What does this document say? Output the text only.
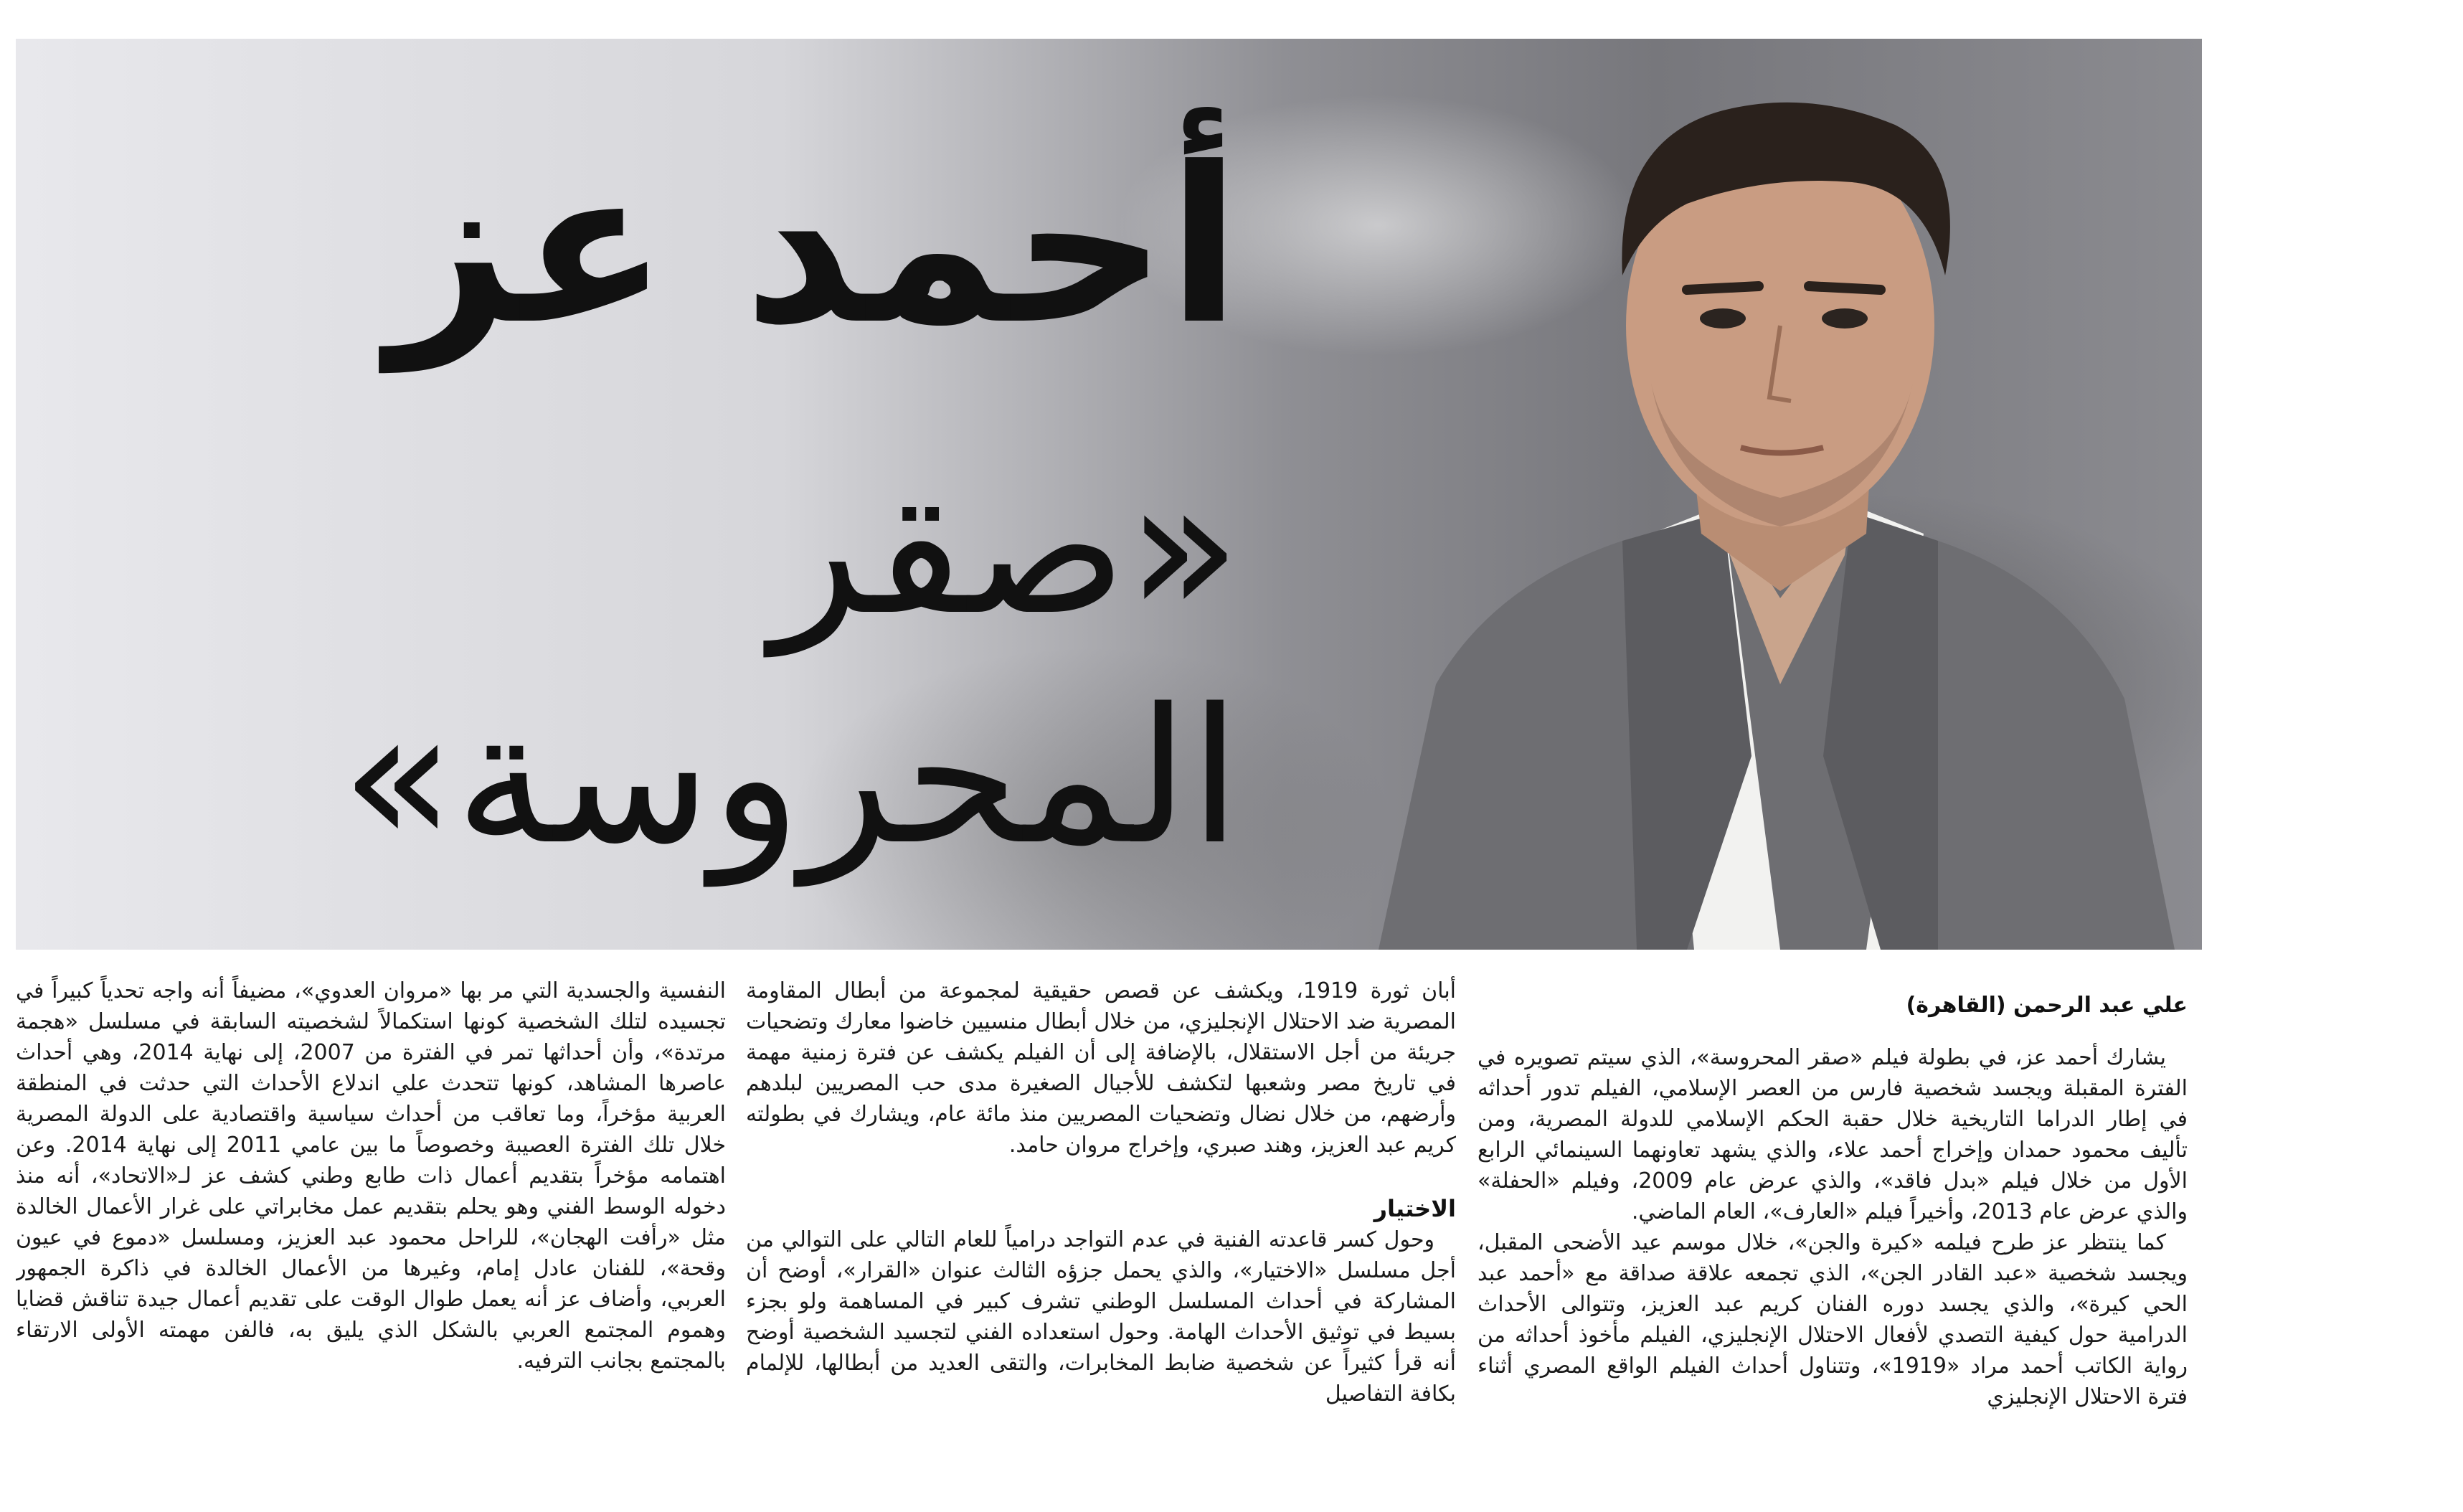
أحمد عز
«صقر
المحروسة»
علي عبد الرحمن (القاهرة)

يشارك أحمد عز، في بطولة فيلم «صقر المحروسة»، الذي سيتم تصويره في الفترة المقبلة ويجسد شخصية فارس من العصر الإسلامي، الفيلم تدور أحداثه في إطار الدراما التاريخية خلال حقبة الحكم الإسلامي للدولة المصرية، ومن تأليف محمود حمدان وإخراج أحمد علاء، والذي يشهد تعاونهما السينمائي الرابع الأول من خلال فيلم «بدل فاقد»، والذي عرض عام 2009، وفيلم «الحفلة» والذي عرض عام 2013، وأخيراً فيلم «العارف»، العام الماضي.

كما ينتظر عز طرح فيلمه «كيرة والجن»، خلال موسم عيد الأضحى المقبل، ويجسد شخصية «عبد القادر الجن»، الذي تجمعه علاقة صداقة مع «أحمد عبد الحي كيرة»، والذي يجسد دوره الفنان كريم عبد العزيز، وتتوالى الأحداث الدرامية حول كيفية التصدي لأفعال الاحتلال الإنجليزي، الفيلم مأخوذ أحداثه من رواية الكاتب أحمد مراد «1919»، وتتناول أحداث الفيلم الواقع المصري أثناء فترة الاحتلال الإنجليزي

أبان ثورة 1919، ويكشف عن قصص حقيقية لمجموعة من أبطال المقاومة المصرية ضد الاحتلال الإنجليزي، من خلال أبطال منسيين خاضوا معارك وتضحيات جريئة من أجل الاستقلال، بالإضافة إلى أن الفيلم يكشف عن فترة زمنية مهمة في تاريخ مصر وشعبها لتكشف للأجيال الصغيرة مدى حب المصريين لبلدهم وأرضهم، من خلال نضال وتضحيات المصريين منذ مائة عام، ويشارك في بطولته كريم عبد العزيز، وهند صبري، وإخراج مروان حامد.

الاختيار

وحول كسر قاعدته الفنية في عدم التواجد درامياً للعام التالي على التوالي من أجل مسلسل «الاختيار»، والذي يحمل جزؤه الثالث عنوان «القرار»، أوضح أن المشاركة في أحداث المسلسل الوطني تشرف كبير في المساهمة ولو بجزء بسيط في توثيق الأحداث الهامة. وحول استعداده الفني لتجسيد الشخصية أوضح أنه قرأ كثيراً عن شخصية ضابط المخابرات، والتقى العديد من أبطالها، للإلمام بكافة التفاصيل

النفسية والجسدية التي مر بها «مروان العدوي»، مضيفاً أنه واجه تحدياً كبيراً في تجسيده لتلك الشخصية كونها استكمالاً لشخصيته السابقة في مسلسل «هجمة مرتدة»، وأن أحداثها تمر في الفترة من 2007، إلى نهاية 2014، وهي أحداث عاصرها المشاهد، كونها تتحدث علي اندلاع الأحداث التي حدثت في المنطقة العربية مؤخراً، وما تعاقب من أحداث سياسية واقتصادية على الدولة المصرية خلال تلك الفترة العصيبة وخصوصاً ما بين عامي 2011 إلى نهاية 2014. وعن اهتمامه مؤخراً بتقديم أعمال ذات طابع وطني كشف عز لـ«الاتحاد»، أنه منذ دخوله الوسط الفني وهو يحلم بتقديم عمل مخابراتي على غرار الأعمال الخالدة مثل «رأفت الهجان»، للراحل محمود عبد العزيز، ومسلسل «دموع في عيون وقحة»، للفنان عادل إمام، وغيرها من الأعمال الخالدة في ذاكرة الجمهور العربي، وأضاف عز أنه يعمل طوال الوقت على تقديم أعمال جيدة تناقش قضايا وهموم المجتمع العربي بالشكل الذي يليق به، فالفن مهمته الأولى الارتقاء بالمجتمع بجانب الترفيه.
